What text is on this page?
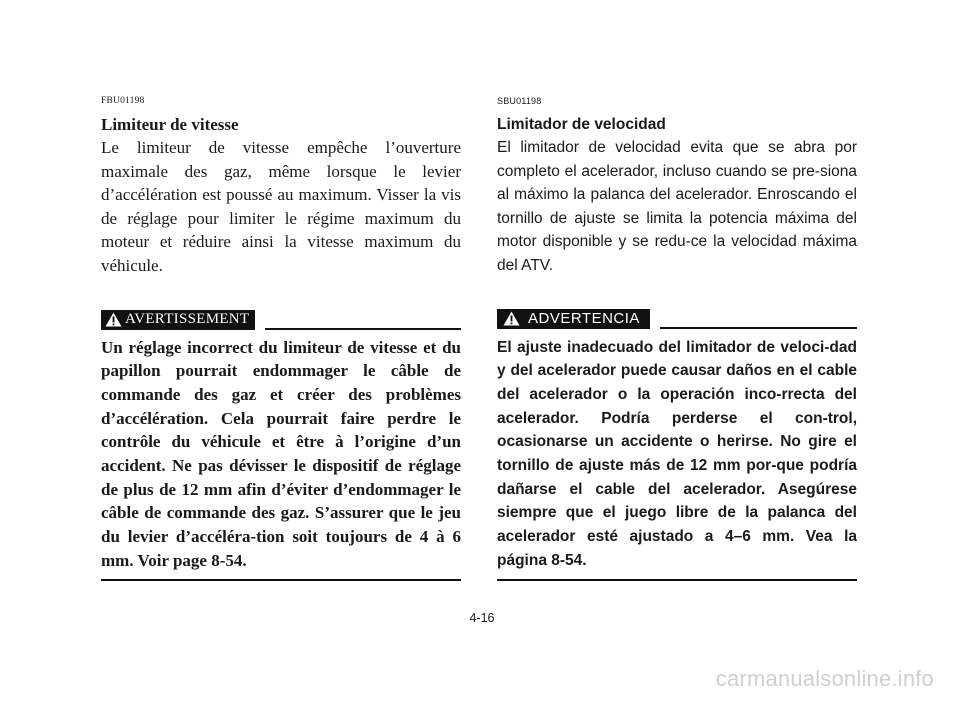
FBU01198

Limiteur de vitesse

Le limiteur de vitesse empêche l’ouverture maximale des gaz, même lorsque le levier d’accélération est poussé au maximum. Visser la vis de réglage pour limiter le régime maximum du moteur et réduire ainsi la vitesse maximum du véhicule.

AVERTISSEMENT

Un réglage incorrect du limiteur de vitesse et du papillon pourrait endommager le câble de commande des gaz et créer des problèmes d’accélération. Cela pourrait faire perdre le contrôle du véhicule et être à l’origine d’un accident. Ne pas dévisser le dispositif de réglage de plus de 12 mm afin d’éviter d’endommager le câble de commande des gaz. S’assurer que le jeu du levier d’accéléra-tion soit toujours de 4 à 6 mm. Voir page 8-54.

SBU01198

Limitador de velocidad

El limitador de velocidad evita que se abra por completo el acelerador, incluso cuando se pre-siona al máximo la palanca del acelerador. Enroscando el tornillo de ajuste se limita la potencia máxima del motor disponible y se redu-ce la velocidad máxima del ATV.

ADVERTENCIA

El ajuste inadecuado del limitador de veloci-dad y del acelerador puede causar daños en el cable del acelerador o la operación inco-rrecta del acelerador. Podría perderse el con-trol, ocasionarse un accidente o herirse. No gire el tornillo de ajuste más de 12 mm por-que podría dañarse el cable del acelerador. Asegúrese siempre que el juego libre de la palanca del acelerador esté ajustado a 4–6 mm. Vea la página 8-54.

4-16
carmanualsonline.info
